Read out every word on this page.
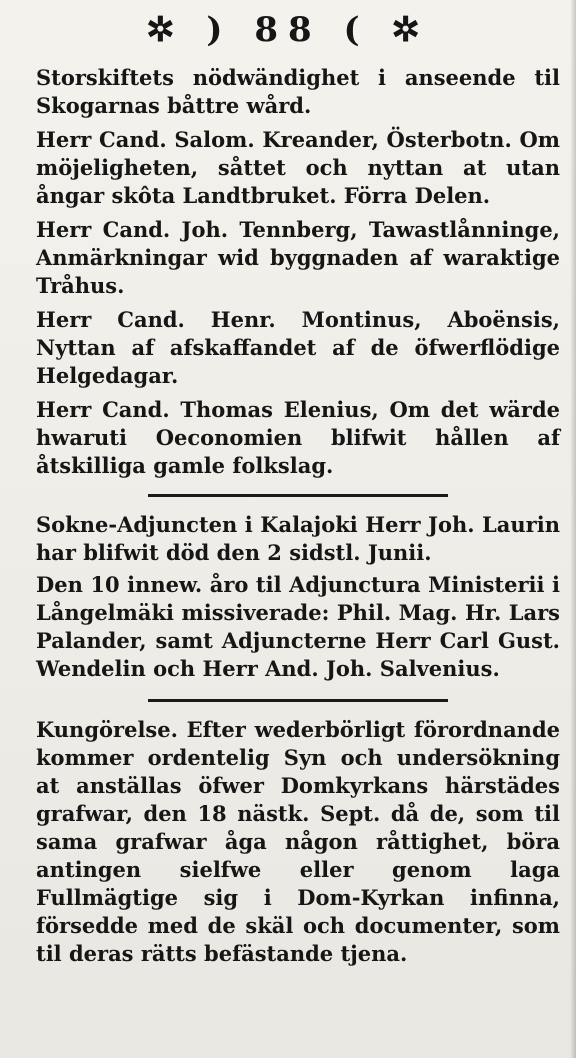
✲ ) 88 ( ✲

Storskiftets nödwändighet i anseende til Skogarnas båttre wård.

Herr Cand. Salom. Kreander, Österbotn. Om möjeligheten, såttet och nyttan at utan ångar skôta Landtbruket. Förra Delen.

Herr Cand. Joh. Tennberg, Tawastlånninge, Anmärkningar wid byggnaden af waraktige Tråhus.

Herr Cand. Henr. Montinus, Aboënsis, Nyttan af afskaffandet af de öfwerflödige Helgedagar.

Herr Cand. Thomas Elenius, Om det wärde hwaruti Oeconomien blifwit hållen af åtskilliga gamle folkslag.

Sokne-Adjuncten i Kalajoki Herr Joh. Laurin har blifwit död den 2 sidstl. Junii.

Den 10 innew. åro til Adjunctura Ministerii i Långelmäki missiverade: Phil. Mag. Hr. Lars Palander, samt Adjuncterne Herr Carl Gust. Wendelin och Herr And. Joh. Salvenius.

Kungörelse. Efter wederbörligt förordnande kommer ordentelig Syn och undersökning at anställas öfwer Domkyrkans härstädes grafwar, den 18 nästk. Sept. då de, som til sama grafwar åga någon råttighet, böra antingen sielfwe eller genom laga Fullmägtige sig i Dom-Kyrkan infinna, försedde med de skäl och documenter, som til deras rätts befästande tjena.
